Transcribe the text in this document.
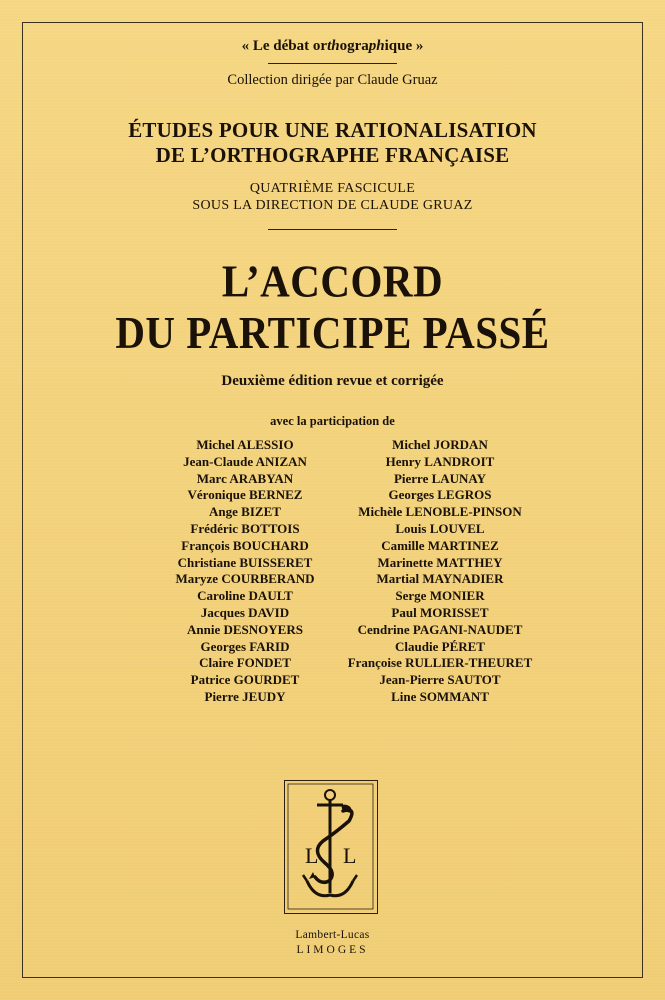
« Le débat orthographique »
Collection dirigée par Claude Gruaz
ÉTUDES POUR UNE RATIONALISATION
DE L’ORTHOGRAPHE FRANÇAISE
QUATRIÈME FASCICULE
SOUS LA DIRECTION DE CLAUDE GRUAZ
L’ACCORD
DU PARTICIPE PASSÉ
Deuxième édition revue et corrigée
avec la participation de
Michel ALESSIO
Jean-Claude ANIZAN
Marc ARABYAN
Véronique BERNEZ
Ange BIZET
Frédéric BOTTOIS
François BOUCHARD
Christiane BUISSERET
Maryze COURBERAND
Caroline DAULT
Jacques DAVID
Annie DESNOYERS
Georges FARID
Claire FONDET
Patrice GOURDET
Pierre JEUDY
Michel JORDAN
Henry LANDROIT
Pierre LAUNAY
Georges LEGROS
Michèle LENOBLE-PINSON
Louis LOUVEL
Camille MARTINEZ
Marinette MATTHEY
Martial MAYNADIER
Serge MONIER
Paul MORISSET
Cendrine PAGANI-NAUDET
Claudie PÉRET
Françoise RULLIER-THEURET
Jean-Pierre SAUTOT
Line SOMMANT
L L
Lambert-Lucas
LIMOGES
